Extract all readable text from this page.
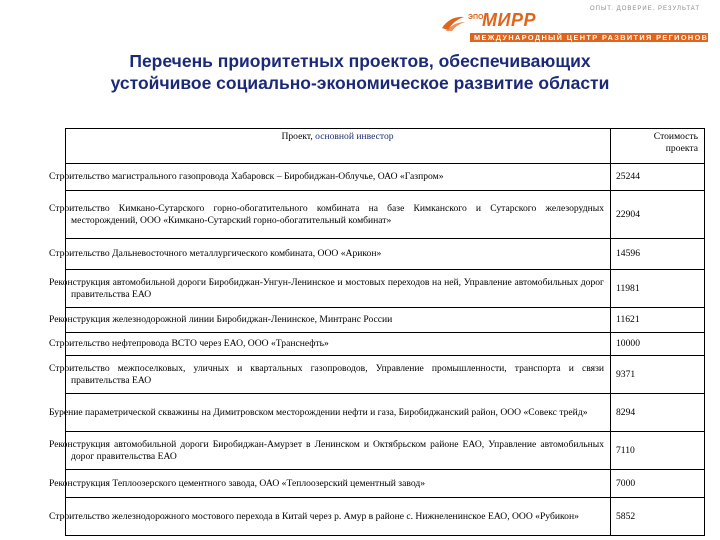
ОПЫТ. ДОВЕРИЕ. РЕЗУЛЬТАТ
ЭПО
МИРР
МЕЖДУНАРОДНЫЙ ЦЕНТР РАЗВИТИЯ РЕГИОНОВ
Перечень приоритетных проектов, обеспечивающих
устойчивое социально-экономическое развитие области
Проект, основной инвестор	Стоимость
проекта

Строительство магистрального газопровода Хабаровск – Биробиджан-Облучье, ОАО «Газпром»	25244
Строительство Кимкано-Сутарского горно-обогатительного комбината на базе Кимканского и Сутарского железорудных месторождений, ООО «Кимкано-Сутарский горно-обогатительный комбинат»	22904
Строительство Дальневосточного металлургического комбината, ООО «Арикон»	14596
Реконструкция автомобильной дороги Биробиджан-Унгун-Ленинское и мостовых переходов на ней, Управление автомобильных дорог правительства ЕАО	11981
Реконструкция железнодорожной линии Биробиджан-Ленинское, Минтранс России	11621
Строительство нефтепровода ВСТО через ЕАО, ООО «Транснефть»	10000
Строительство межпоселковых, уличных и квартальных газопроводов, Управление промышленности, транспорта и связи правительства ЕАО	9371
Бурение параметрической скважины на Димитровском месторождении нефти и газа, Биробиджанский район, ООО «Совекс трейд»	8294
Реконструкция автомобильной дороги Биробиджан-Амурзет в Ленинском и Октябрьском районе ЕАО, Управление автомобильных дорог правительства ЕАО	7110
Реконструкция Теплоозерского цементного завода, ОАО «Теплоозерский цементный завод»	7000
Строительство железнодорожного мостового перехода в Китай через р. Амур в районе с. Нижнеленинское ЕАО, ООО «Рубикон»	5852
